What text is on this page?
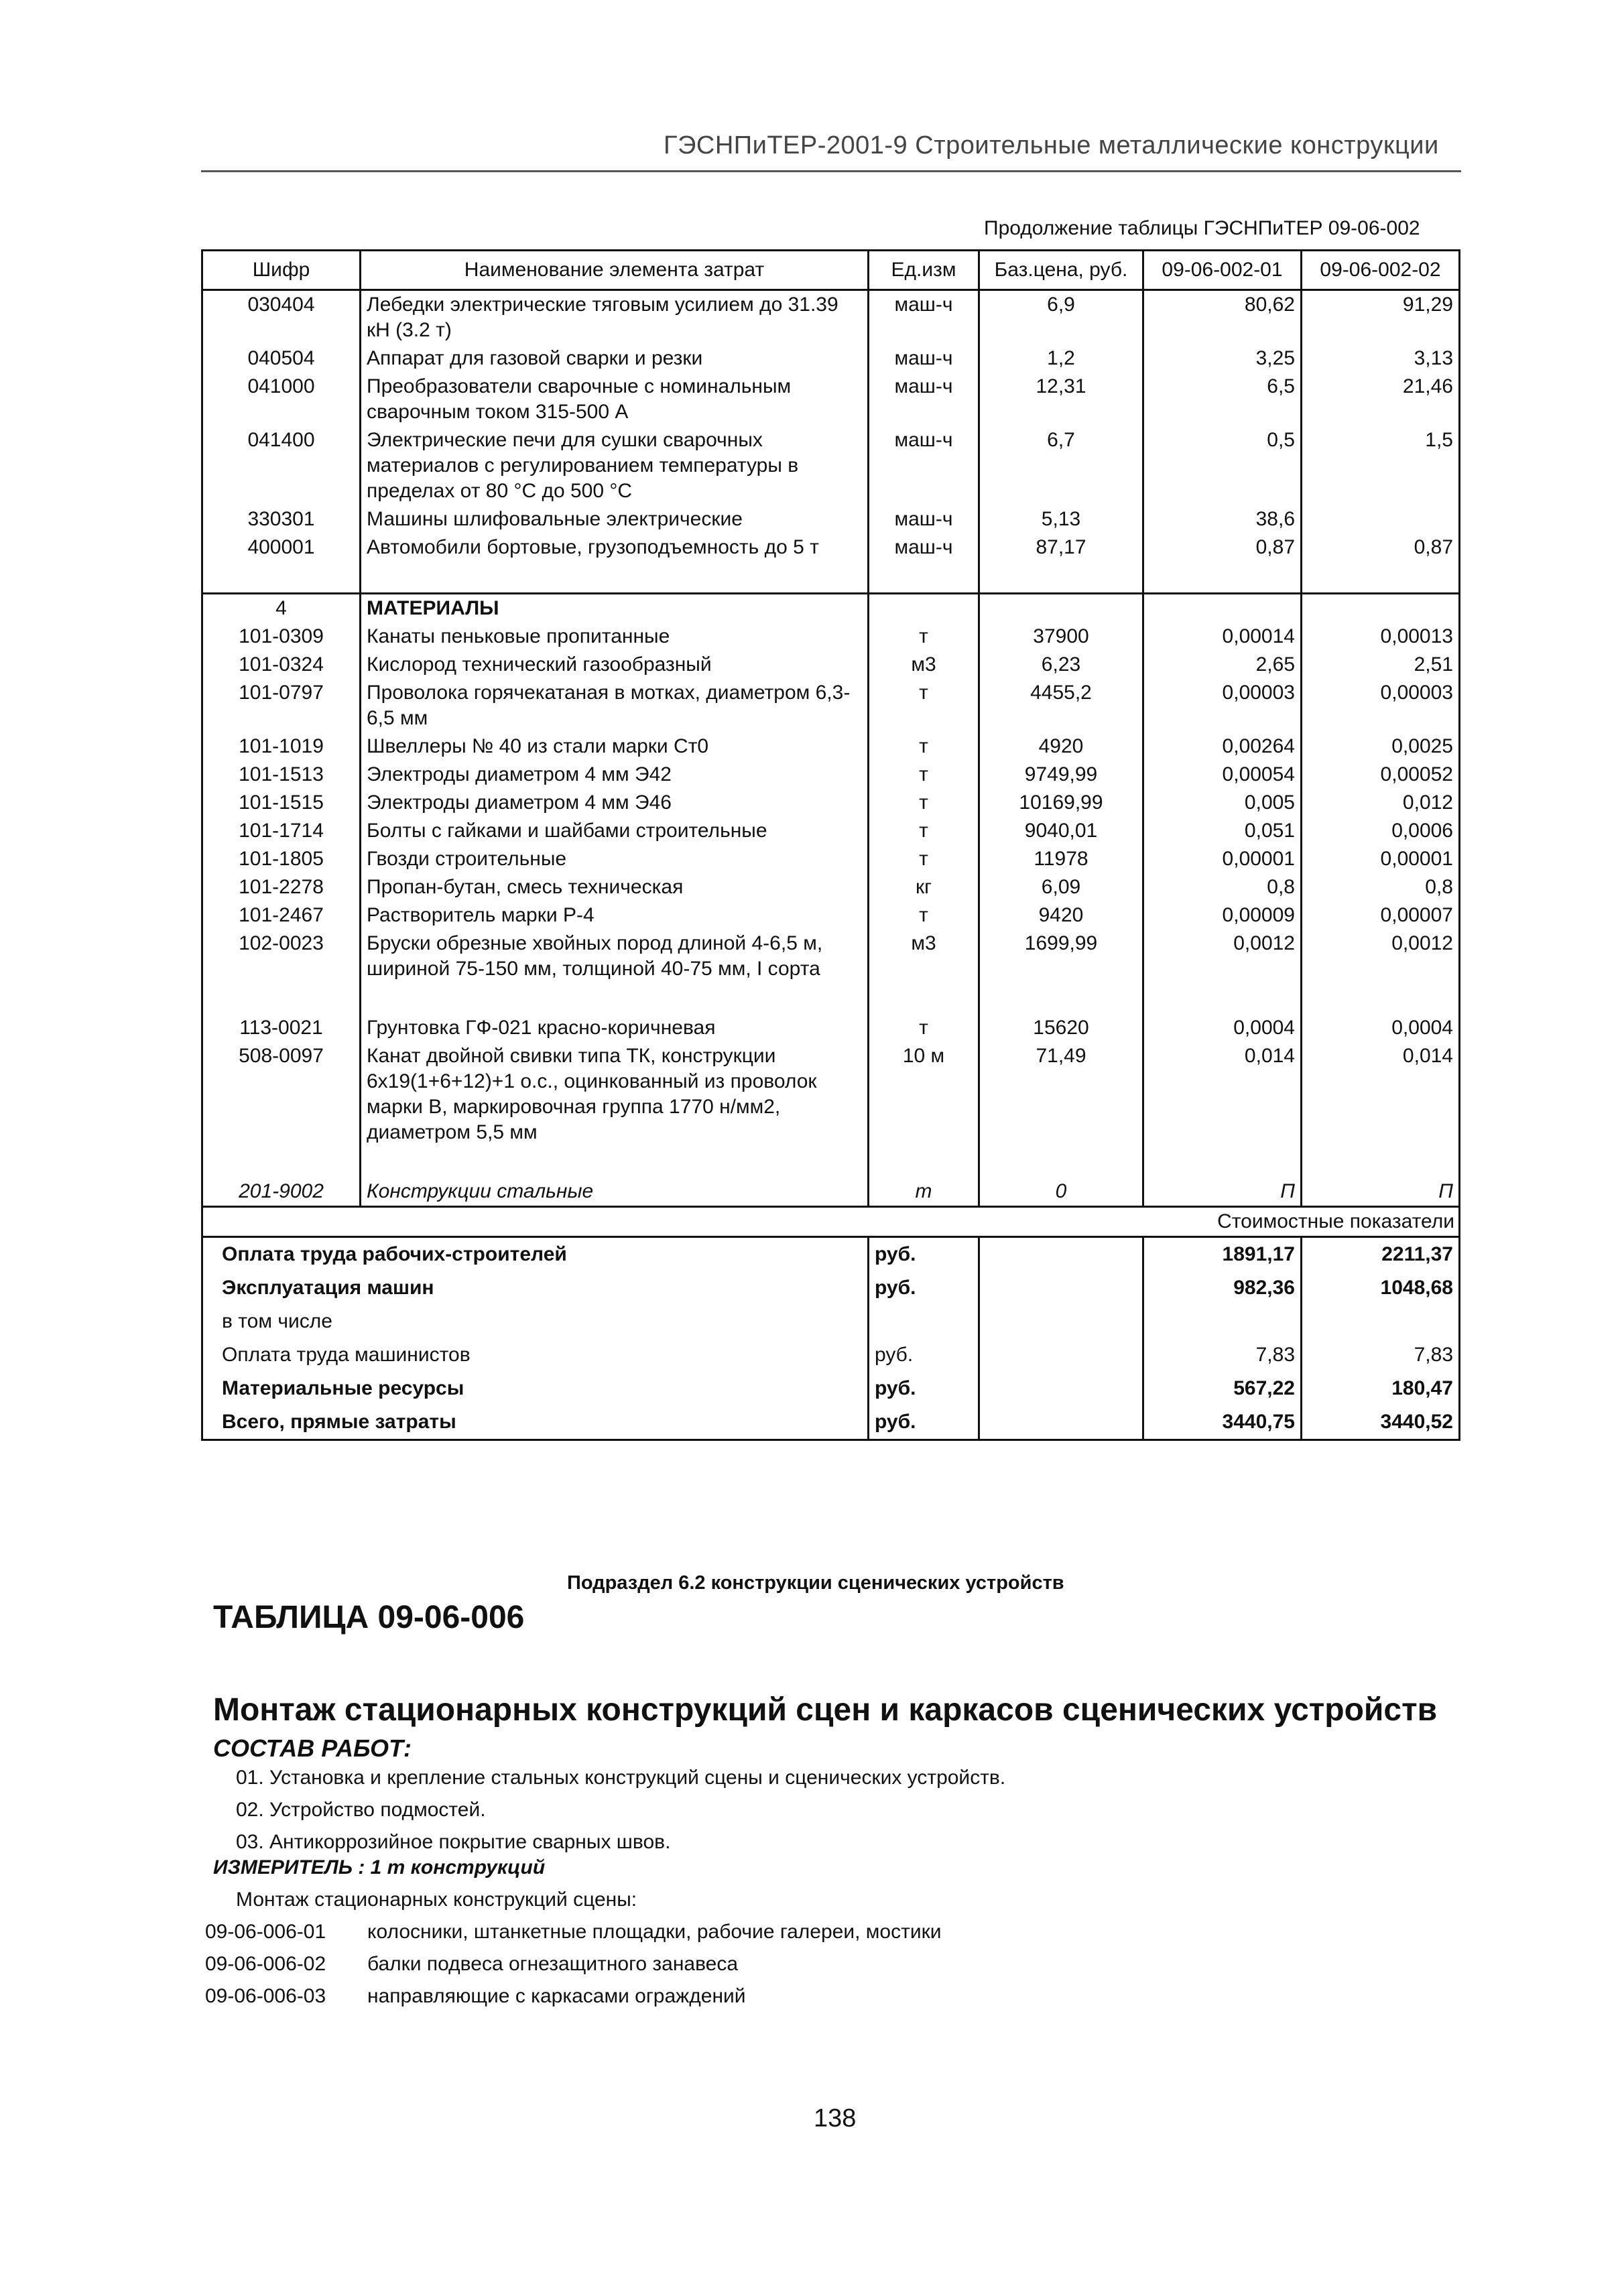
ГЭСНПиТЕР-2001-9 Строительные металлические конструкции
Продолжение таблицы ГЭСНПиТЕР 09-06-002
Шифр	Наименование элемента затрат	Ед.изм	Баз.цена, руб.	09-06-002-01	09-06-002-02
030404	Лебедки электрические тяговым усилием до 31.39 кН (3.2 т)	маш-ч	6,9	80,62	91,29
040504	Аппарат для газовой сварки и резки	маш-ч	1,2	3,25	3,13
041000	Преобразователи сварочные с номинальным сварочным током 315-500 А	маш-ч	12,31	6,5	21,46
041400	Электрические печи для сушки сварочных материалов с регулированием температуры в пределах от 80 °С до 500 °С	маш-ч	6,7	0,5	1,5
330301	Машины шлифовальные электрические	маш-ч	5,13	38,6	
400001	Автомобили бортовые, грузоподъемность до 5 т	маш-ч	87,17	0,87	0,87

4	МАТЕРИАЛЫ				
101-0309	Канаты пеньковые пропитанные	т	37900	0,00014	0,00013
101-0324	Кислород технический газообразный	м3	6,23	2,65	2,51
101-0797	Проволока горячекатаная в мотках, диаметром 6,3-6,5 мм	т	4455,2	0,00003	0,00003
101-1019	Швеллеры № 40 из стали марки Ст0	т	4920	0,00264	0,0025
101-1513	Электроды диаметром 4 мм Э42	т	9749,99	0,00054	0,00052
101-1515	Электроды диаметром 4 мм Э46	т	10169,99	0,005	0,012
101-1714	Болты с гайками и шайбами строительные	т	9040,01	0,051	0,0006
101-1805	Гвозди строительные	т	11978	0,00001	0,00001
101-2278	Пропан-бутан, смесь техническая	кг	6,09	0,8	0,8
101-2467	Растворитель марки Р-4	т	9420	0,00009	0,00007
102-0023	Бруски обрезные хвойных пород длиной 4-6,5 м, шириной 75-150 мм, толщиной 40-75 мм, I сорта	м3	1699,99	0,0012	0,0012

113-0021	Грунтовка ГФ-021 красно-коричневая	т	15620	0,0004	0,0004
508-0097	Канат двойной свивки типа ТК, конструкции 6x19(1+6+12)+1 о.с., оцинкованный из проволок марки В, маркировочная группа 1770 н/мм2, диаметром 5,5 мм	10 м	71,49	0,014	0,014

201-9002	Конструкции стальные	т	0	П	П
Стоимостные показатели					
Оплата труда рабочих-строителей		руб.		1891,17	2211,37
Эксплуатация машин		руб.		982,36	1048,68
в том числе					
Оплата труда машинистов		руб.		7,83	7,83
Материальные ресурсы		руб.		567,22	180,47
Всего, прямые затраты		руб.		3440,75	3440,52
Подраздел 6.2 конструкции сценических устройств
ТАБЛИЦА 09-06-006
Монтаж стационарных конструкций сцен и каркасов сценических устройств
СОСТАВ РАБОТ:
01. Установка и крепление стальных конструкций сцены и сценических устройств.
02. Устройство подмостей.
03. Антикоррозийное покрытие сварных швов.
ИЗМЕРИТЕЛЬ : 1 т конструкций
Монтаж стационарных конструкций сцены:
09-06-006-01 колосники, штанкетные площадки, рабочие галереи, мостики
09-06-006-02 балки подвеса огнезащитного занавеса
09-06-006-03 направляющие с каркасами ограждений
138
